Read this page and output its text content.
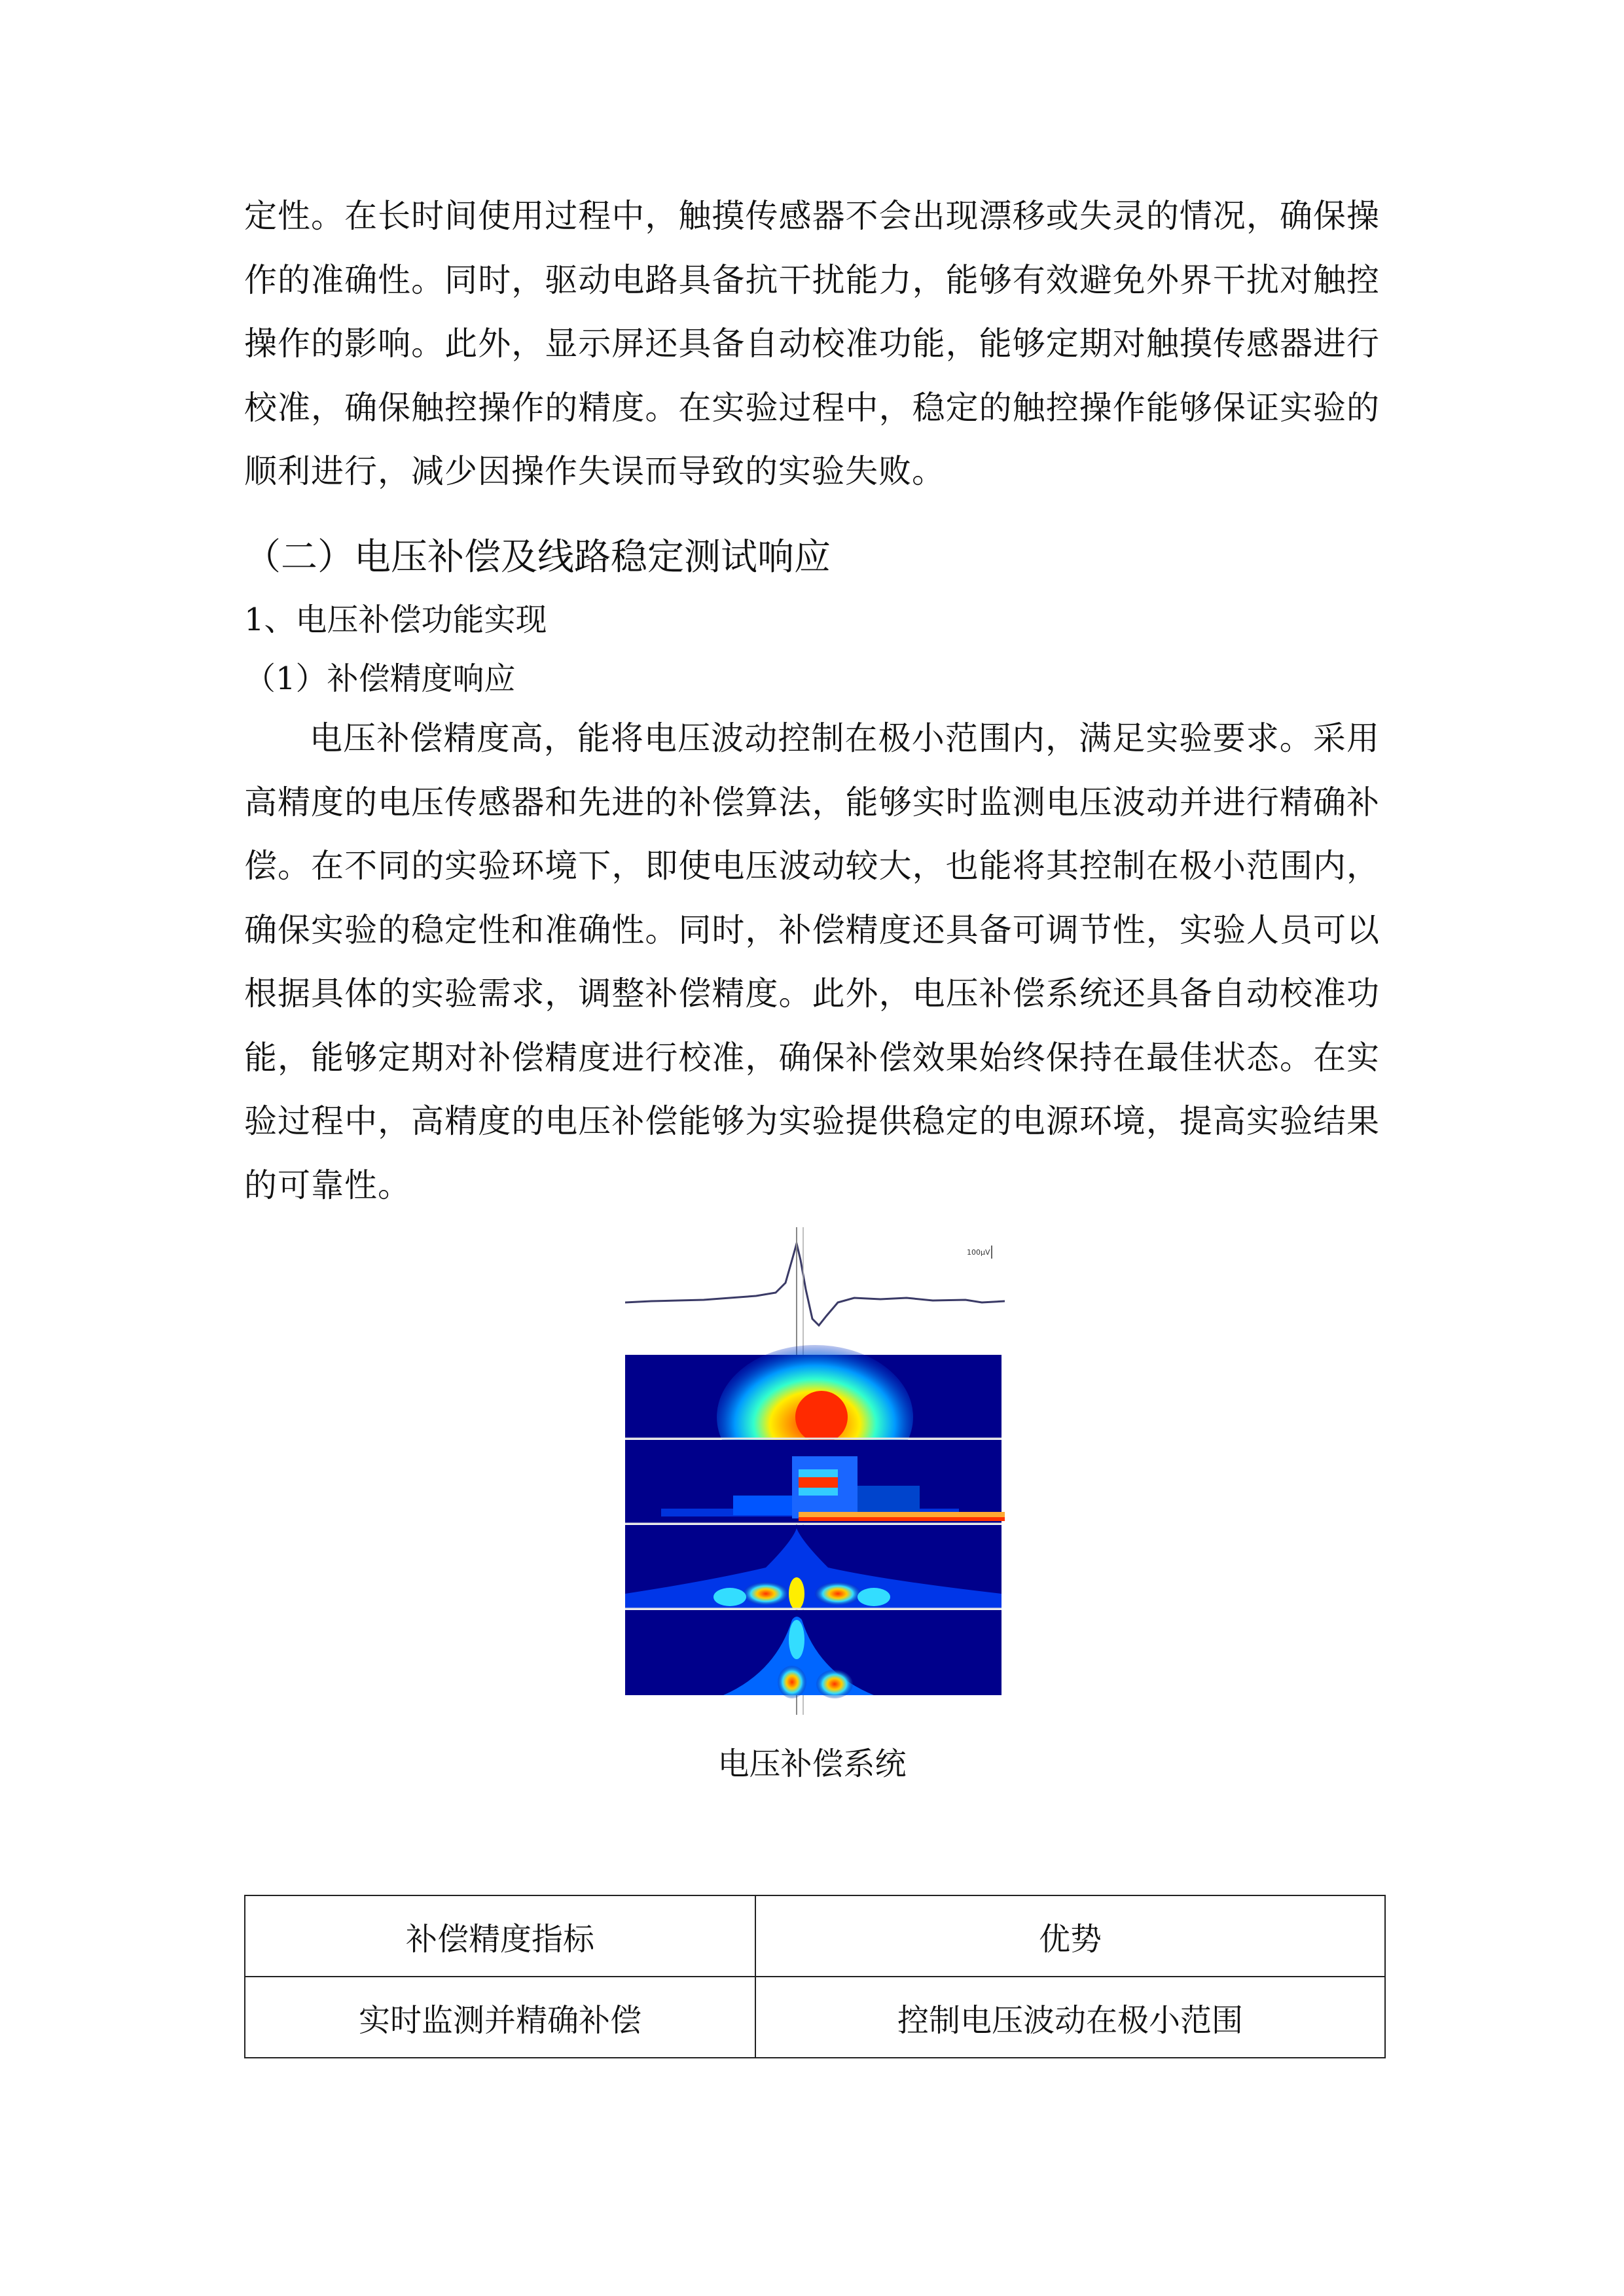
定性。在长时间使用过程中，触摸传感器不会出现漂移或失灵的情况，确保操作的准确性。同时，驱动电路具备抗干扰能力，能够有效避免外界干扰对触控操作的影响。此外，显示屏还具备自动校准功能，能够定期对触摸传感器进行校准，确保触控操作的精度。在实验过程中，稳定的触控操作能够保证实验的顺利进行，减少因操作失误而导致的实验失败。

（二）电压补偿及线路稳定测试响应

1、电压补偿功能实现

（1）补偿精度响应

电压补偿精度高，能将电压波动控制在极小范围内，满足实验要求。采用高精度的电压传感器和先进的补偿算法，能够实时监测电压波动并进行精确补偿。在不同的实验环境下，即使电压波动较大，也能将其控制在极小范围内，确保实验的稳定性和准确性。同时，补偿精度还具备可调节性，实验人员可以根据具体的实验需求，调整补偿精度。此外，电压补偿系统还具备自动校准功能，能够定期对补偿精度进行校准，确保补偿效果始终保持在最佳状态。在实验过程中，高精度的电压补偿能够为实验提供稳定的电源环境，提高实验结果的可靠性。

100μV

电压补偿系统

补偿精度指标	优势
实时监测并精确补偿	控制电压波动在极小范围
